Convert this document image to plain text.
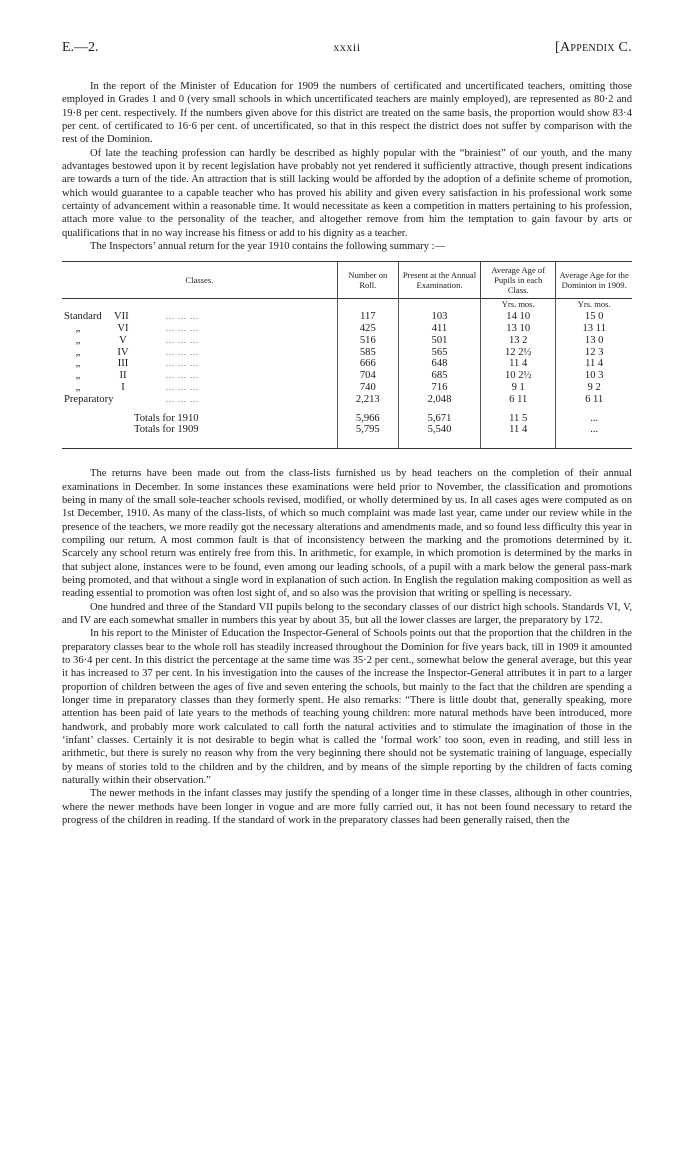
E.—2.	xxxii	[Appendix C.

In the report of the Minister of Education for 1909 the numbers of certificated and uncertificated teachers, omitting those employed in Grades 1 and 0 (very small schools in which uncertificated teachers are mainly employed), are represented as 80·2 and 19·8 per cent. respectively. If the numbers given above for this district are treated on the same basis, the proportion would show 83·4 per cent. of certificated to 16·6 per cent. of uncertificated, so that in this respect the district does not suffer by comparison with the rest of the Dominion.

Of late the teaching profession can hardly be described as highly popular with the “brainiest” of our youth, and the many advantages bestowed upon it by recent legislation have probably not yet rendered it sufficiently attractive, though present indications are towards a turn of the tide. An attraction that is still lacking would be afforded by the adoption of a definite scheme of promotion, which would guarantee to a capable teacher who has proved his ability and given every satisfaction in his professional work some certainty of advancement within a reasonable time. It would necessitate as keen a competition in matters pertaining to his profession, attach more value to the personality of the teacher, and altogether remove from him the temptation to gain favour by arts or qualifications that in no way increase his fitness or add to his dignity as a teacher.

The Inspectors’ annual return for the year 1910 contains the following summary :—

Classes.	Number on Roll.	Present at the Annual Examination.	Average Age of Pupils in each Class.	Average Age for the Dominion in 1909.
			Yrs. mos.	Yrs. mos.
Standard VII ... ... ...	117	103	14 10	15 0
„ VI ... ... ...	425	411	13 10	13 11
„ V ... ... ...	516	501	13 2	13 0
„ IV ... ... ...	585	565	12 2½	12 3
„ III ... ... ...	666	648	11 4	11 4
„ II ... ... ...	704	685	10 2½	10 3
„ I ... ... ...	740	716	9 1	9 2
Preparatory ... ... ...	2,213	2,048	6 11	6 11

Totals for 1910	5,966	5,671	11 5	...
Totals for 1909	5,795	5,540	11 4	...

The returns have been made out from the class-lists furnished us by head teachers on the completion of their annual examinations in December. In some instances these examinations were held prior to November, the classification and promotions being in many of the small sole-teacher schools revised, modified, or wholly determined by us. In all cases ages were computed as on 1st December, 1910. As many of the class-lists, of which so much complaint was made last year, came under our review while in the presence of the teachers, we more readily got the necessary alterations and amendments made, and so found less difficulty this year in compiling our return. A most common fault is that of inconsistency between the marking and the promotions determined by it. Scarcely any school return was entirely free from this. In arithmetic, for example, in which promotion is determined by the marks in that subject alone, instances were to be found, even among our leading schools, of a pupil with a mark below the general pass-mark being promoted, and that without a single word in explanation of such action. In English the regulation making composition as well as reading essential to promotion was often lost sight of, and so also was the provision that writing or spelling is necessary.

One hundred and three of the Standard VII pupils belong to the secondary classes of our district high schools. Standards VI, V, and IV are each somewhat smaller in numbers this year by about 35, but all the lower classes are larger, the preparatory by 172.

In his report to the Minister of Education the Inspector-General of Schools points out that the proportion that the children in the preparatory classes bear to the whole roll has steadily increased throughout the Dominion for five years back, till in 1909 it amounted to 36·4 per cent. In this district the percentage at the same time was 35·2 per cent., somewhat below the general average, but this year it has increased to 37 per cent. In his investigation into the causes of the increase the Inspector-General attributes it in part to a larger proportion of children between the ages of five and seven entering the schools, but mainly to the fact that the children are spending a longer time in preparatory classes than they formerly spent. He also remarks: “There is little doubt that, generally speaking, more attention has been paid of late years to the methods of teaching young children: more natural methods have been introduced, more handwork, and probably more work calculated to call forth the natural activities and to stimulate the imagination of those in the ‘infant’ classes. Certainly it is not desirable to begin what is called the ‘formal work’ too soon, even in reading, and still less in arithmetic, but there is surely no reason why from the very beginning there should not be systematic training of language, especially by means of stories told to the children and by the children, and by means of the simple reporting by the children of facts coming naturally within their observation.”

The newer methods in the infant classes may justify the spending of a longer time in these classes, although in other countries, where the newer methods have been longer in vogue and are more fully carried out, it has not been found necessary to retard the progress of the children in reading. If the standard of work in the preparatory classes had been generally raised, then the
